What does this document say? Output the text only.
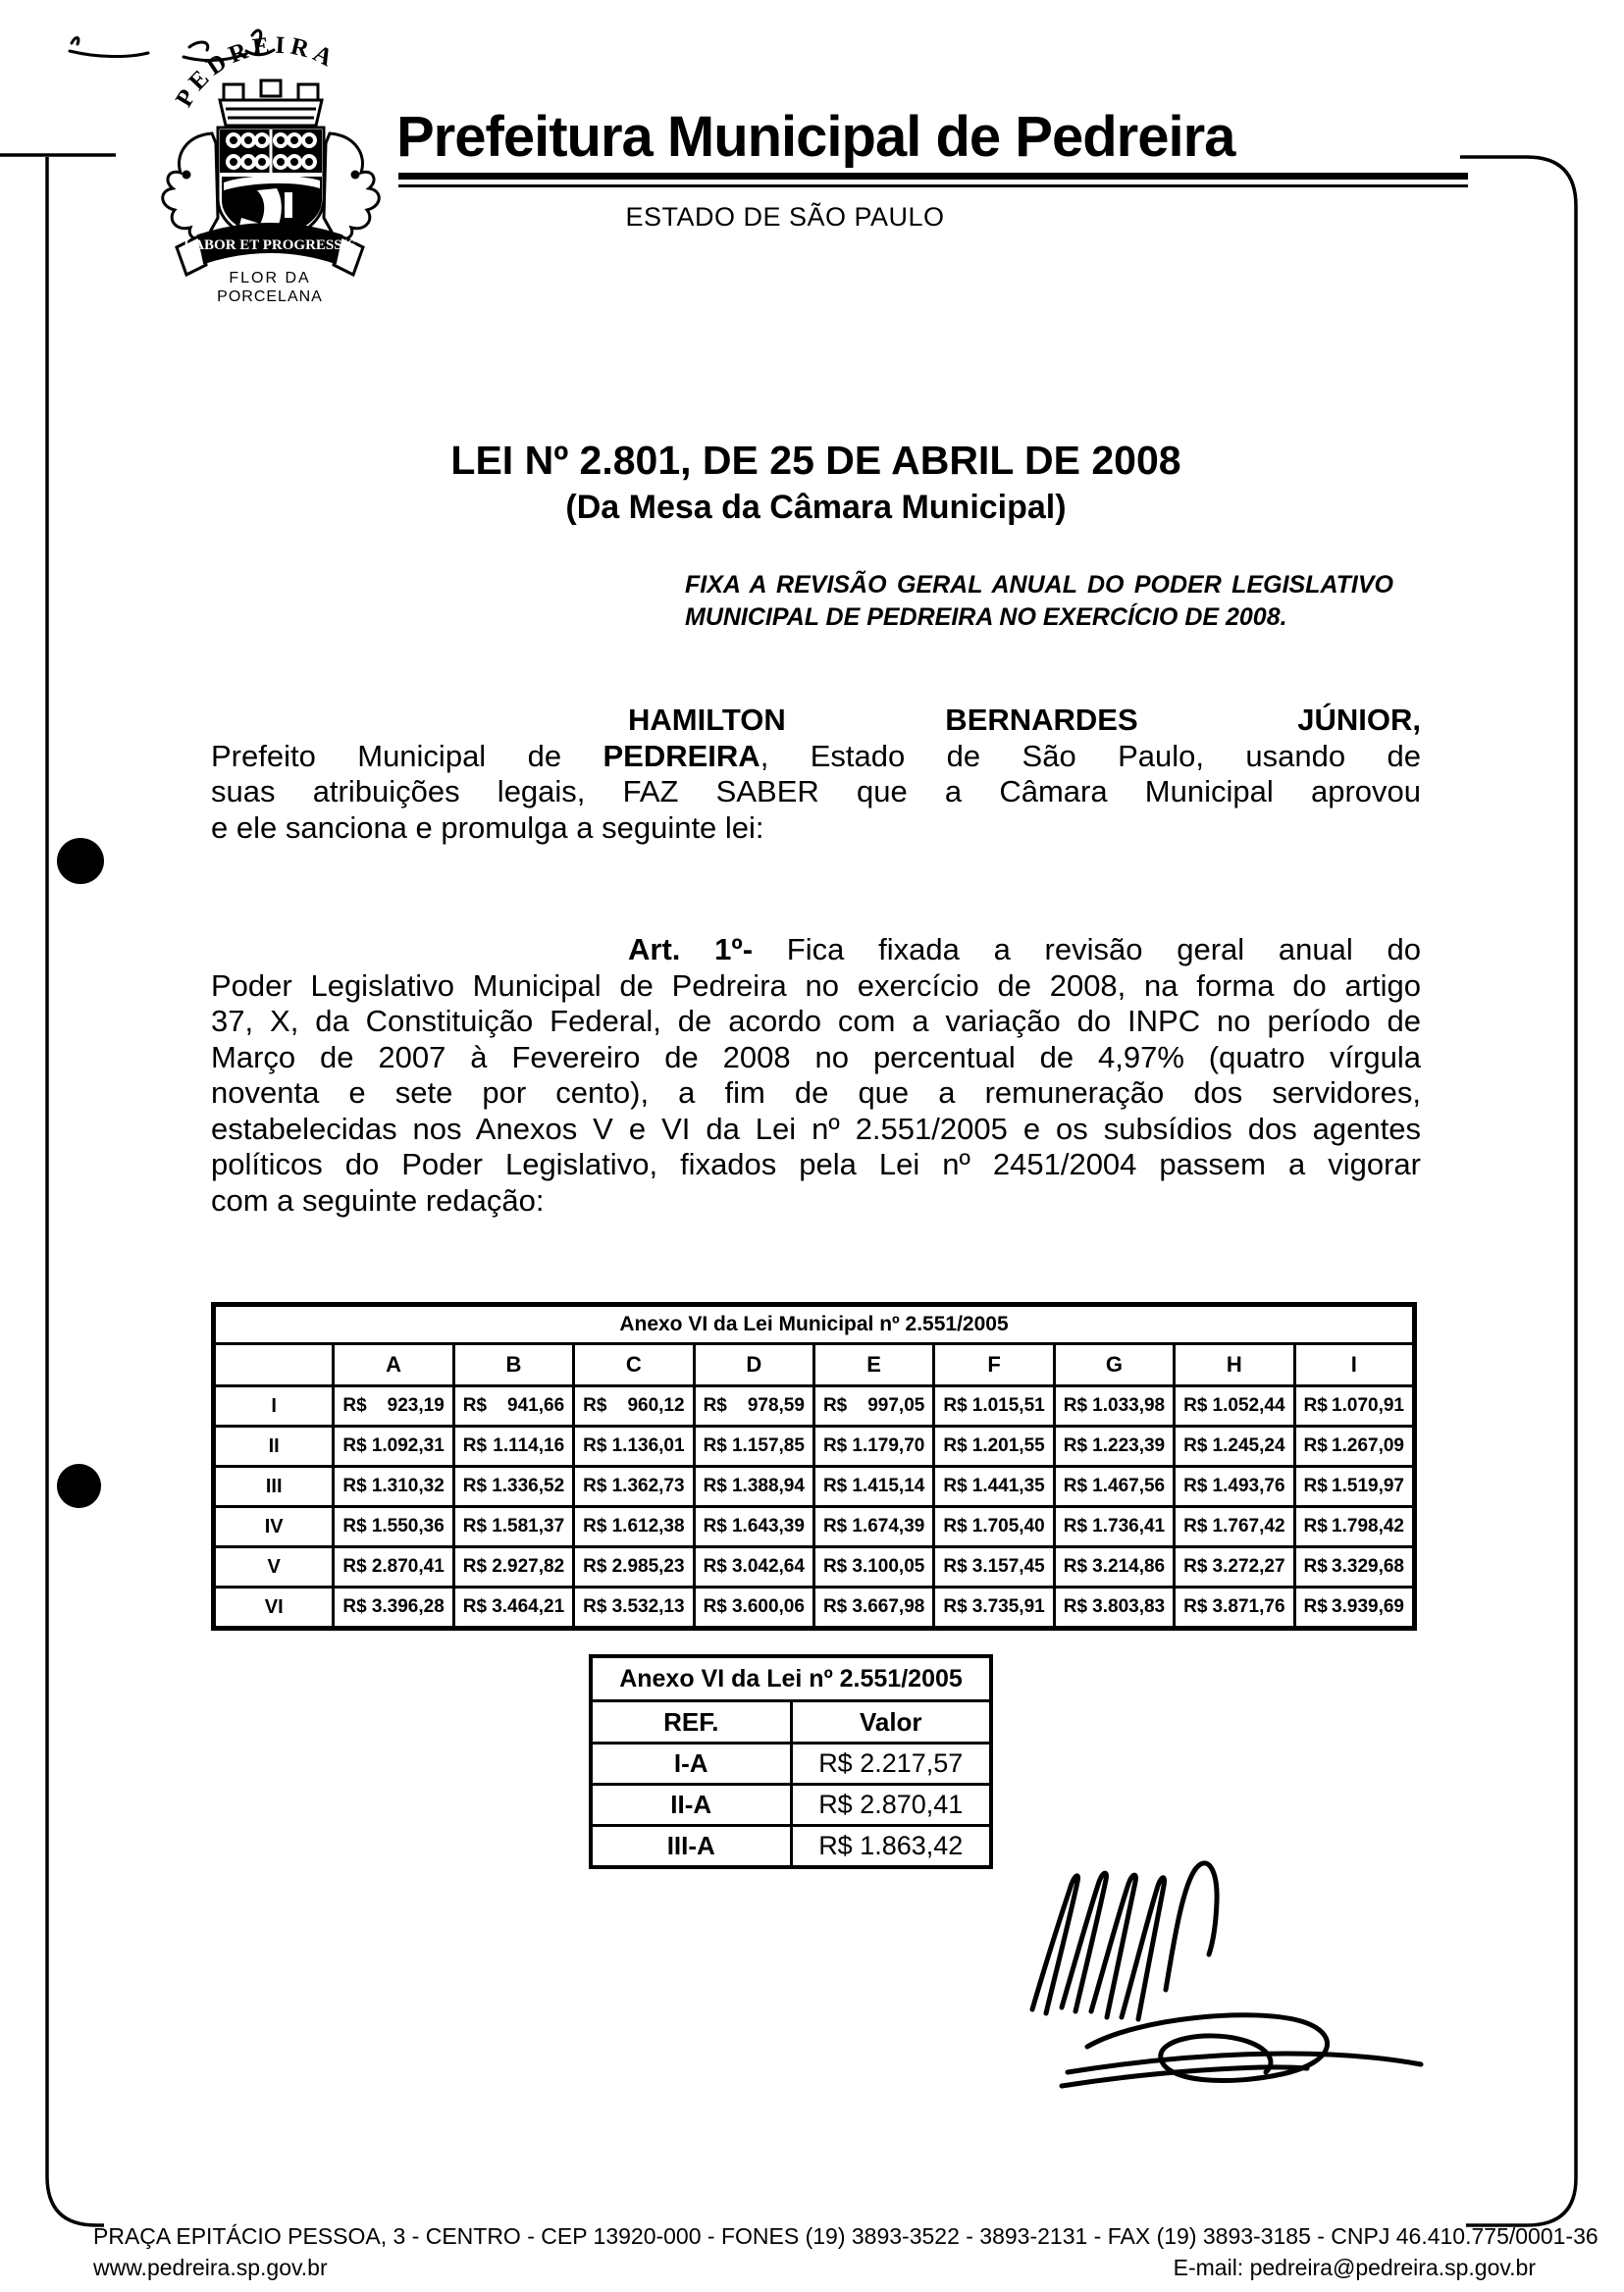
PEDREIRA
LABOR ET PROGRESSIS
FLOR DA
PORCELANA
Prefeitura Municipal de Pedreira
ESTADO DE SÃO PAULO
LEI Nº 2.801, DE 25 DE ABRIL DE 2008
(Da Mesa da Câmara Municipal)
FIXA A REVISÃO GERAL ANUAL DO PODER LEGISLATIVO
MUNICIPAL DE PEDREIRA NO EXERCÍCIO DE 2008.
HAMILTON BERNARDES JÚNIOR,
Prefeito Municipal de PEDREIRA, Estado de São Paulo, usando de
suas atribuições legais, FAZ SABER que a Câmara Municipal aprovou
e ele sanciona e promulga a seguinte lei:
Art. 1º- Fica fixada a revisão geral anual do
Poder Legislativo Municipal de Pedreira no exercício de 2008, na forma do artigo
37, X, da Constituição Federal, de acordo com a variação do INPC no período de
Março de 2007 à Fevereiro de 2008 no percentual de 4,97% (quatro vírgula
noventa e sete por cento), a fim de que a remuneração dos servidores,
estabelecidas nos Anexos V e VI da Lei nº 2.551/2005 e os subsídios dos agentes
políticos do Poder Legislativo, fixados pela Lei nº 2451/2004 passem a vigorar
com a seguinte redação:
Anexo VI da Lei Municipal nº 2.551/2005									
	A	B	C	D	E	F	G	H	I
I	R$ 923,19	R$ 941,66	R$ 960,12	R$ 978,59	R$ 997,05	R$ 1.015,51	R$ 1.033,98	R$ 1.052,44	R$ 1.070,91

II	R$ 1.092,31	R$ 1.114,16	R$ 1.136,01	R$ 1.157,85	R$ 1.179,70	R$ 1.201,55	R$ 1.223,39	R$ 1.245,24	R$ 1.267,09

III	R$ 1.310,32	R$ 1.336,52	R$ 1.362,73	R$ 1.388,94	R$ 1.415,14	R$ 1.441,35	R$ 1.467,56	R$ 1.493,76	R$ 1.519,97

IV	R$ 1.550,36	R$ 1.581,37	R$ 1.612,38	R$ 1.643,39	R$ 1.674,39	R$ 1.705,40	R$ 1.736,41	R$ 1.767,42	R$ 1.798,42

V	R$ 2.870,41	R$ 2.927,82	R$ 2.985,23	R$ 3.042,64	R$ 3.100,05	R$ 3.157,45	R$ 3.214,86	R$ 3.272,27	R$ 3.329,68

VI	R$ 3.396,28	R$ 3.464,21	R$ 3.532,13	R$ 3.600,06	R$ 3.667,98	R$ 3.735,91	R$ 3.803,83	R$ 3.871,76	R$ 3.939,69
Anexo VI da Lei nº 2.551/2005	
REF.	Valor
I-A	R$ 2.217,57
II-A	R$ 2.870,41
III-A	R$ 1.863,42
PRAÇA EPITÁCIO PESSOA, 3 - CENTRO - CEP 13920-000 - FONES (19) 3893-3522 - 3893-2131 - FAX (19) 3893-3185 - CNPJ 46.410.775/0001-36
www.pedreira.sp.gov.br	E-mail: pedreira@pedreira.sp.gov.br
